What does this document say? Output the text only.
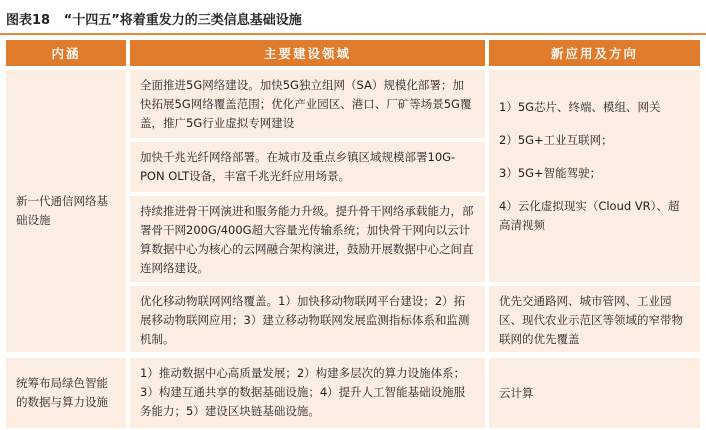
图表18 “十四五”将着重发力的三类信息基础设施
内涵	主要建设领域	新应用及方向

新一代通信网络基础设施

全面推进5G网络建设。加快5G独立组网（SA）规模化部署；加快拓展5G网络覆盖范围；优化产业园区、港口、厂矿等场景5G覆盖，推广5G行业虚拟专网建设

加快千兆光纤网络部署。在城市及重点乡镇区域规模部署10G-PON OLT设备，丰富千兆光纤应用场景。

持续推进骨干网演进和服务能力升级。提升骨干网络承载能力，部署骨干网200G/400G超大容量光传输系统；加快骨干网向以云计算数据中心为核心的云网融合架构演进，鼓励开展数据中心之间直连网络建设。

优化移动物联网网络覆盖。1）加快移动物联网平台建设；2）拓展移动物联网应用；3）建立移动物联网发展监测指标体系和监测机制。

1）5G芯片、终端、模组、网关

2）5G+工业互联网；

3）5G+智能驾驶；

4）云化虚拟现实（Cloud VR）、超高清视频

优先交通路网、城市管网、工业园区、现代农业示范区等领域的窄带物联网的优先覆盖

统筹布局绿色智能的数据与算力设施

1）推动数据中心高质量发展；2）构建多层次的算力设施体系；3）构建互通共享的数据基础设施；4）提升人工智能基础设施服务能力；5）建设区块链基础设施。

云计算
